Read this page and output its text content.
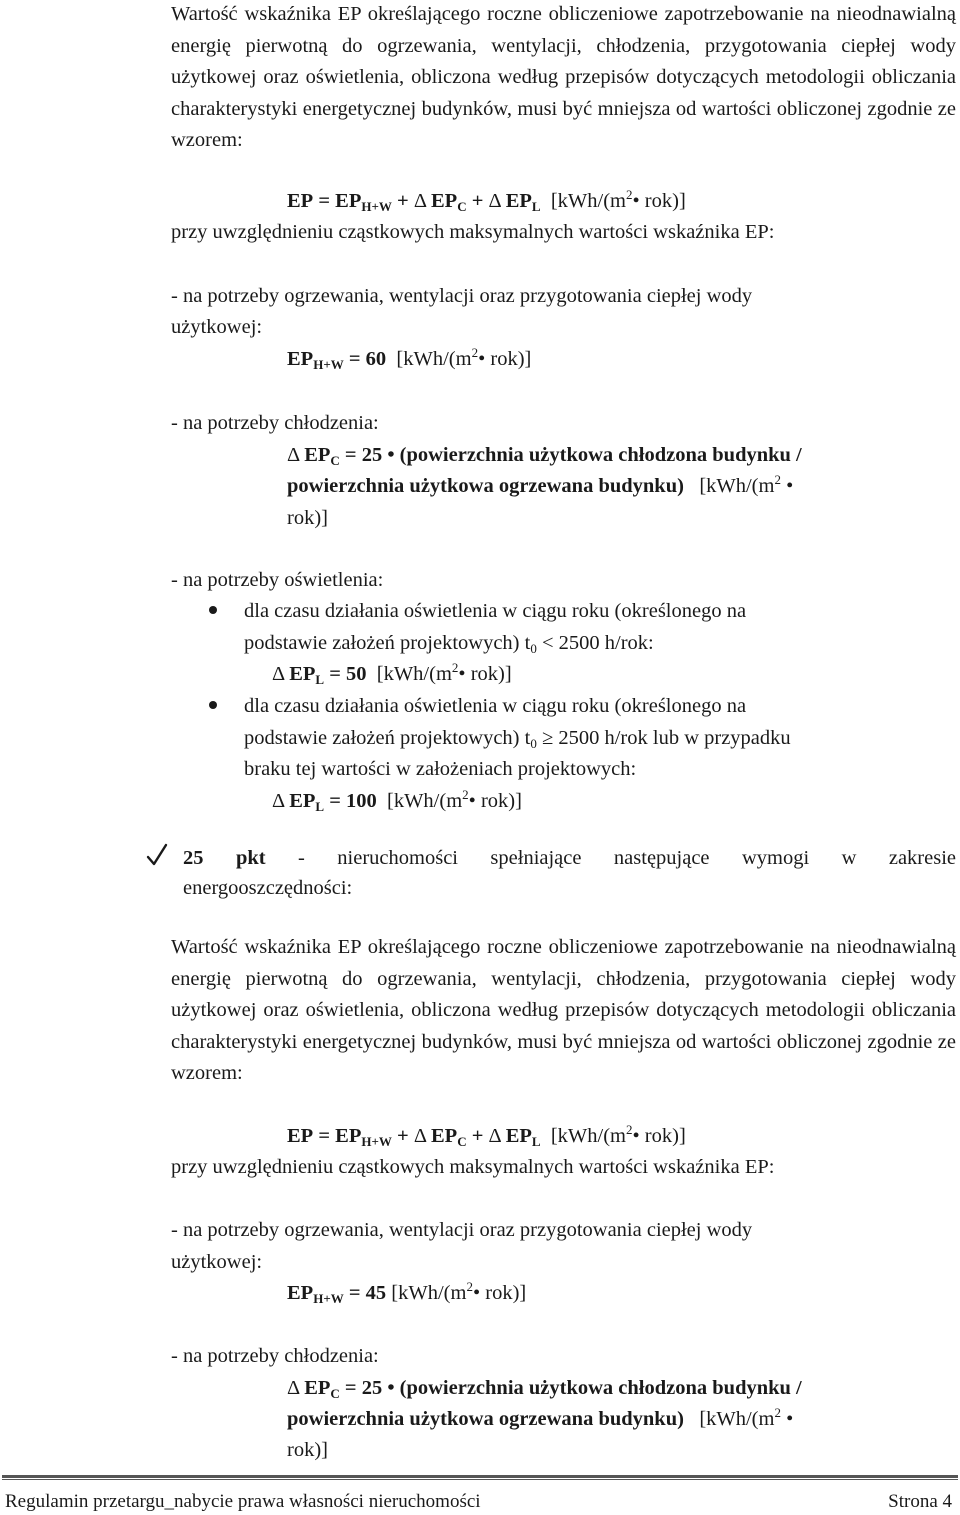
Wartość wskaźnika EP określającego roczne obliczeniowe zapotrzebowanie na nieodnawialną energię pierwotną do ogrzewania, wentylacji, chłodzenia, przygotowania ciepłej wody użytkowej oraz oświetlenia, obliczona według przepisów dotyczących metodologii obliczania charakterystyki energetycznej budynków, musi być mniejsza od wartości obliczonej zgodnie ze wzorem:

EP = $EP_{H+W} + \Delta$ $EP_C + \Delta$ $EP_L$ [$kWh/(m^2•$ rok)]
przy uwzględnieniu cząstkowych maksymalnych wartości wskaźnika EP:
- na potrzeby ogrzewania, wentylacji oraz przygotowania ciepłej wody
użytkowej:
$EP_{H+W} = 60$ [$kWh/(m^2•$ rok)]
- na potrzeby chłodzenia:
Δ $EP_C = 25$ • (powierzchnia użytkowa chłodzona budynku /
powierzchnia użytkowa ogrzewana budynku) [$kWh/(m^2$ •
rok)]
- na potrzeby oświetlenia:
dla czasu działania oświetlenia w ciągu roku (określonego na
podstawie założeń projektowych) $t_0 < 2500$ h/rok:
Δ $EP_L = 50$ [$kWh/(m^2•$ rok)]
dla czasu działania oświetlenia w ciągu roku (określonego na
podstawie założeń projektowych) $t_0 \ge 2500$ h/rok lub w przypadku
braku tej wartości w założeniach projektowych:
Δ $EP_L = 100$ [$kWh/(m^2•$ rok)]
25 pkt - nieruchomości spełniające następujące wymogi w zakresie
energooszczędności:

Wartość wskaźnika EP określającego roczne obliczeniowe zapotrzebowanie na nieodnawialną energię pierwotną do ogrzewania, wentylacji, chłodzenia, przygotowania ciepłej wody użytkowej oraz oświetlenia, obliczona według przepisów dotyczących metodologii obliczania charakterystyki energetycznej budynków, musi być mniejsza od wartości obliczonej zgodnie ze wzorem:

EP = $EP_{H+W} + \Delta$ $EP_C + \Delta$ $EP_L$ [$kWh/(m^2•$ rok)]
przy uwzględnieniu cząstkowych maksymalnych wartości wskaźnika EP:
- na potrzeby ogrzewania, wentylacji oraz przygotowania ciepłej wody
użytkowej:
$EP_{H+W} = 45$ [$kWh/(m^2•$ rok)]
- na potrzeby chłodzenia:
Δ $EP_C = 25$ • (powierzchnia użytkowa chłodzona budynku /
powierzchnia użytkowa ogrzewana budynku) [$kWh/(m^2$ •
rok)]
Regulamin przetargu_nabycie prawa własności nieruchomości	Strona 4
